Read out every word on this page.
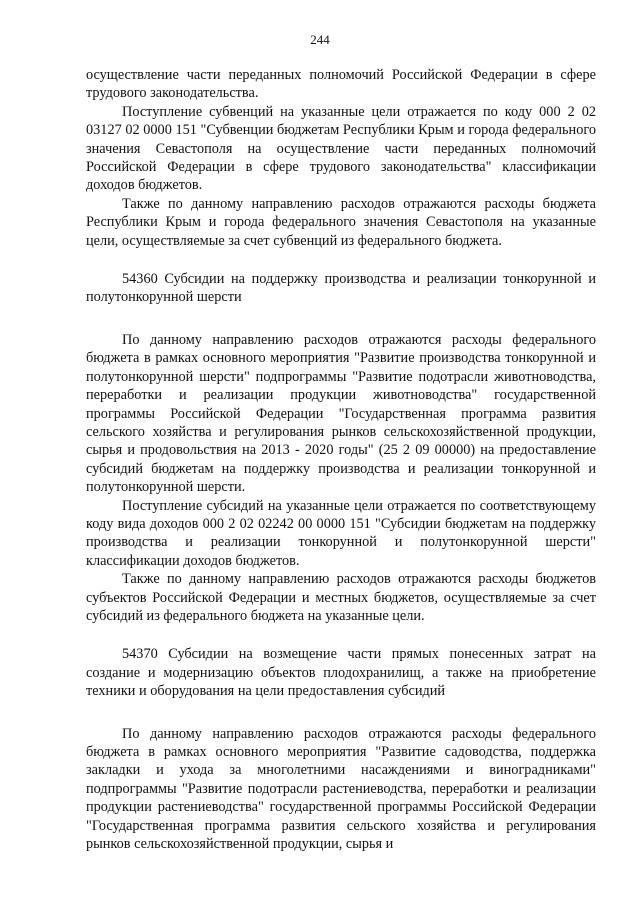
244

осуществление части переданных полномочий Российской Федерации в сфере трудового законодательства.

Поступление субвенций на указанные цели отражается по коду 000 2 02 03127 02 0000 151 "Субвенции бюджетам Республики Крым и города федерального значения Севастополя на осуществление части переданных полномочий Российской Федерации в сфере трудового законодательства" классификации доходов бюджетов.

Также по данному направлению расходов отражаются расходы бюджета Республики Крым и города федерального значения Севастополя на указанные цели, осуществляемые за счет субвенций из федерального бюджета.

54360 Субсидии на поддержку производства и реализации тонкорунной и полутонкорунной шерсти

По данному направлению расходов отражаются расходы федерального бюджета в рамках основного мероприятия "Развитие производства тонкорунной и полутонкорунной шерсти" подпрограммы "Развитие подотрасли животноводства, переработки и реализации продукции животноводства" государственной программы Российской Федерации "Государственная программа развития сельского хозяйства и регулирования рынков сельскохозяйственной продукции, сырья и продовольствия на 2013 - 2020 годы" (25 2 09 00000) на предоставление субсидий бюджетам на поддержку производства и реализации тонкорунной и полутонкорунной шерсти.

Поступление субсидий на указанные цели отражается по соответствующему коду вида доходов 000 2 02 02242 00 0000 151 "Субсидии бюджетам на поддержку производства и реализации тонкорунной и полутонкорунной шерсти" классификации доходов бюджетов.

Также по данному направлению расходов отражаются расходы бюджетов субъектов Российской Федерации и местных бюджетов, осуществляемые за счет субсидий из федерального бюджета на указанные цели.

54370 Субсидии на возмещение части прямых понесенных затрат на создание и модернизацию объектов плодохранилищ, а также на приобретение техники и оборудования на цели предоставления субсидий

По данному направлению расходов отражаются расходы федерального бюджета в рамках основного мероприятия "Развитие садоводства, поддержка закладки и ухода за многолетними насаждениями и виноградниками" подпрограммы "Развитие подотрасли растениеводства, переработки и реализации продукции растениеводства" государственной программы Российской Федерации "Государственная программа развития сельского хозяйства и регулирования рынков сельскохозяйственной продукции, сырья и
